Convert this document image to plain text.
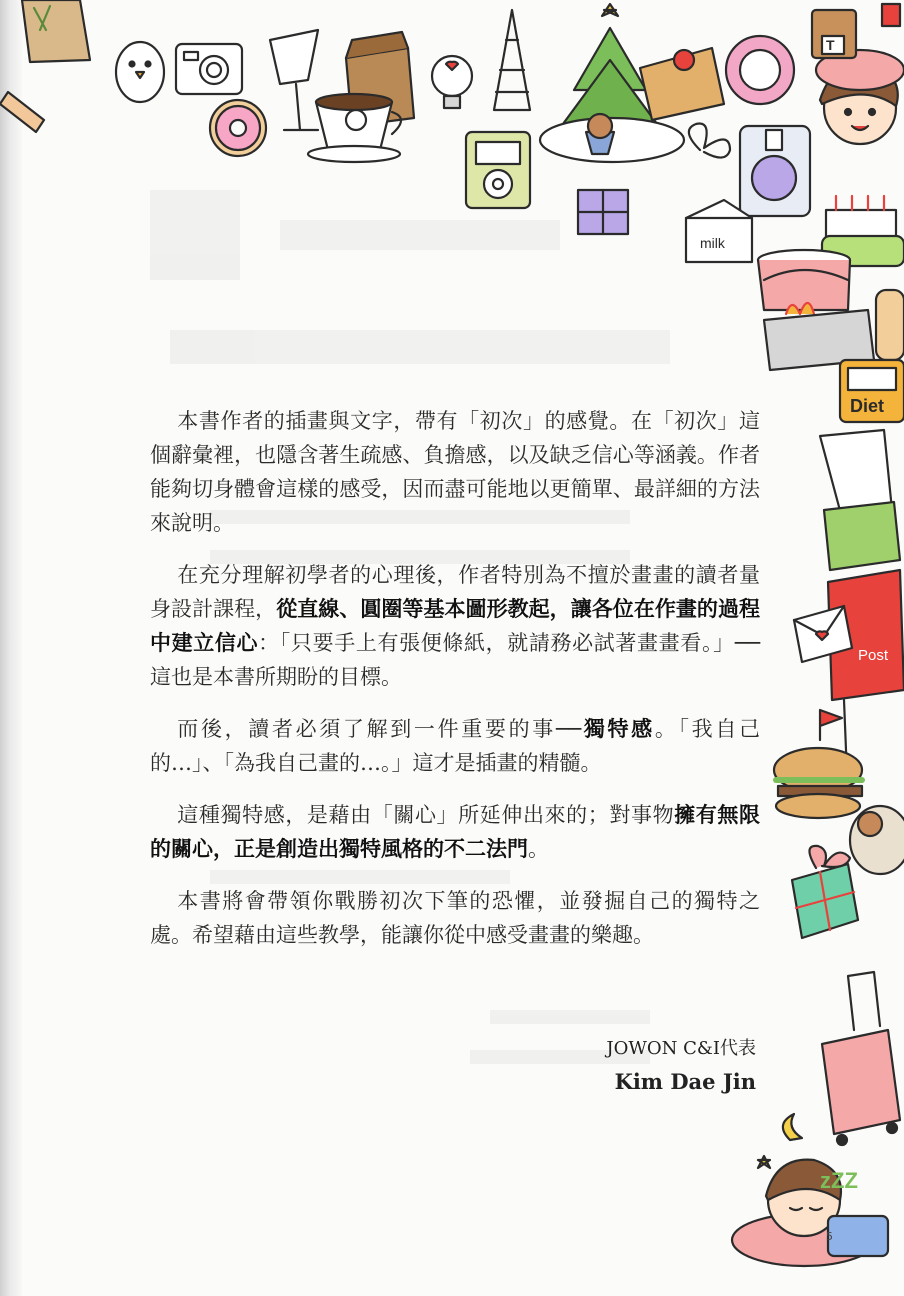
milk
T
Diet
Post
zZZ

本書作者的插畫與文字，帶有「初次」的感覺。在「初次」這個辭彙裡，也隱含著生疏感、負擔感，以及缺乏信心等涵義。作者能夠切身體會這樣的感受，因而盡可能地以更簡單、最詳細的方法來說明。

在充分理解初學者的心理後，作者特別為不擅於畫畫的讀者量身設計課程，從直線、圓圈等基本圖形教起，讓各位在作畫的過程中建立信心：「只要手上有張便條紙，就請務必試著畫畫看。」──這也是本書所期盼的目標。

而後，讀者必須了解到一件重要的事──獨特感。「我自己的…」、「為我自己畫的…。」這才是插畫的精髓。

這種獨特感，是藉由「關心」所延伸出來的；對事物擁有無限的關心，正是創造出獨特風格的不二法門。

本書將會帶領你戰勝初次下筆的恐懼，並發掘自己的獨特之處。希望藉由這些教學，能讓你從中感受畫畫的樂趣。

JOWON C&I代表
Kim Dae Jin
5
